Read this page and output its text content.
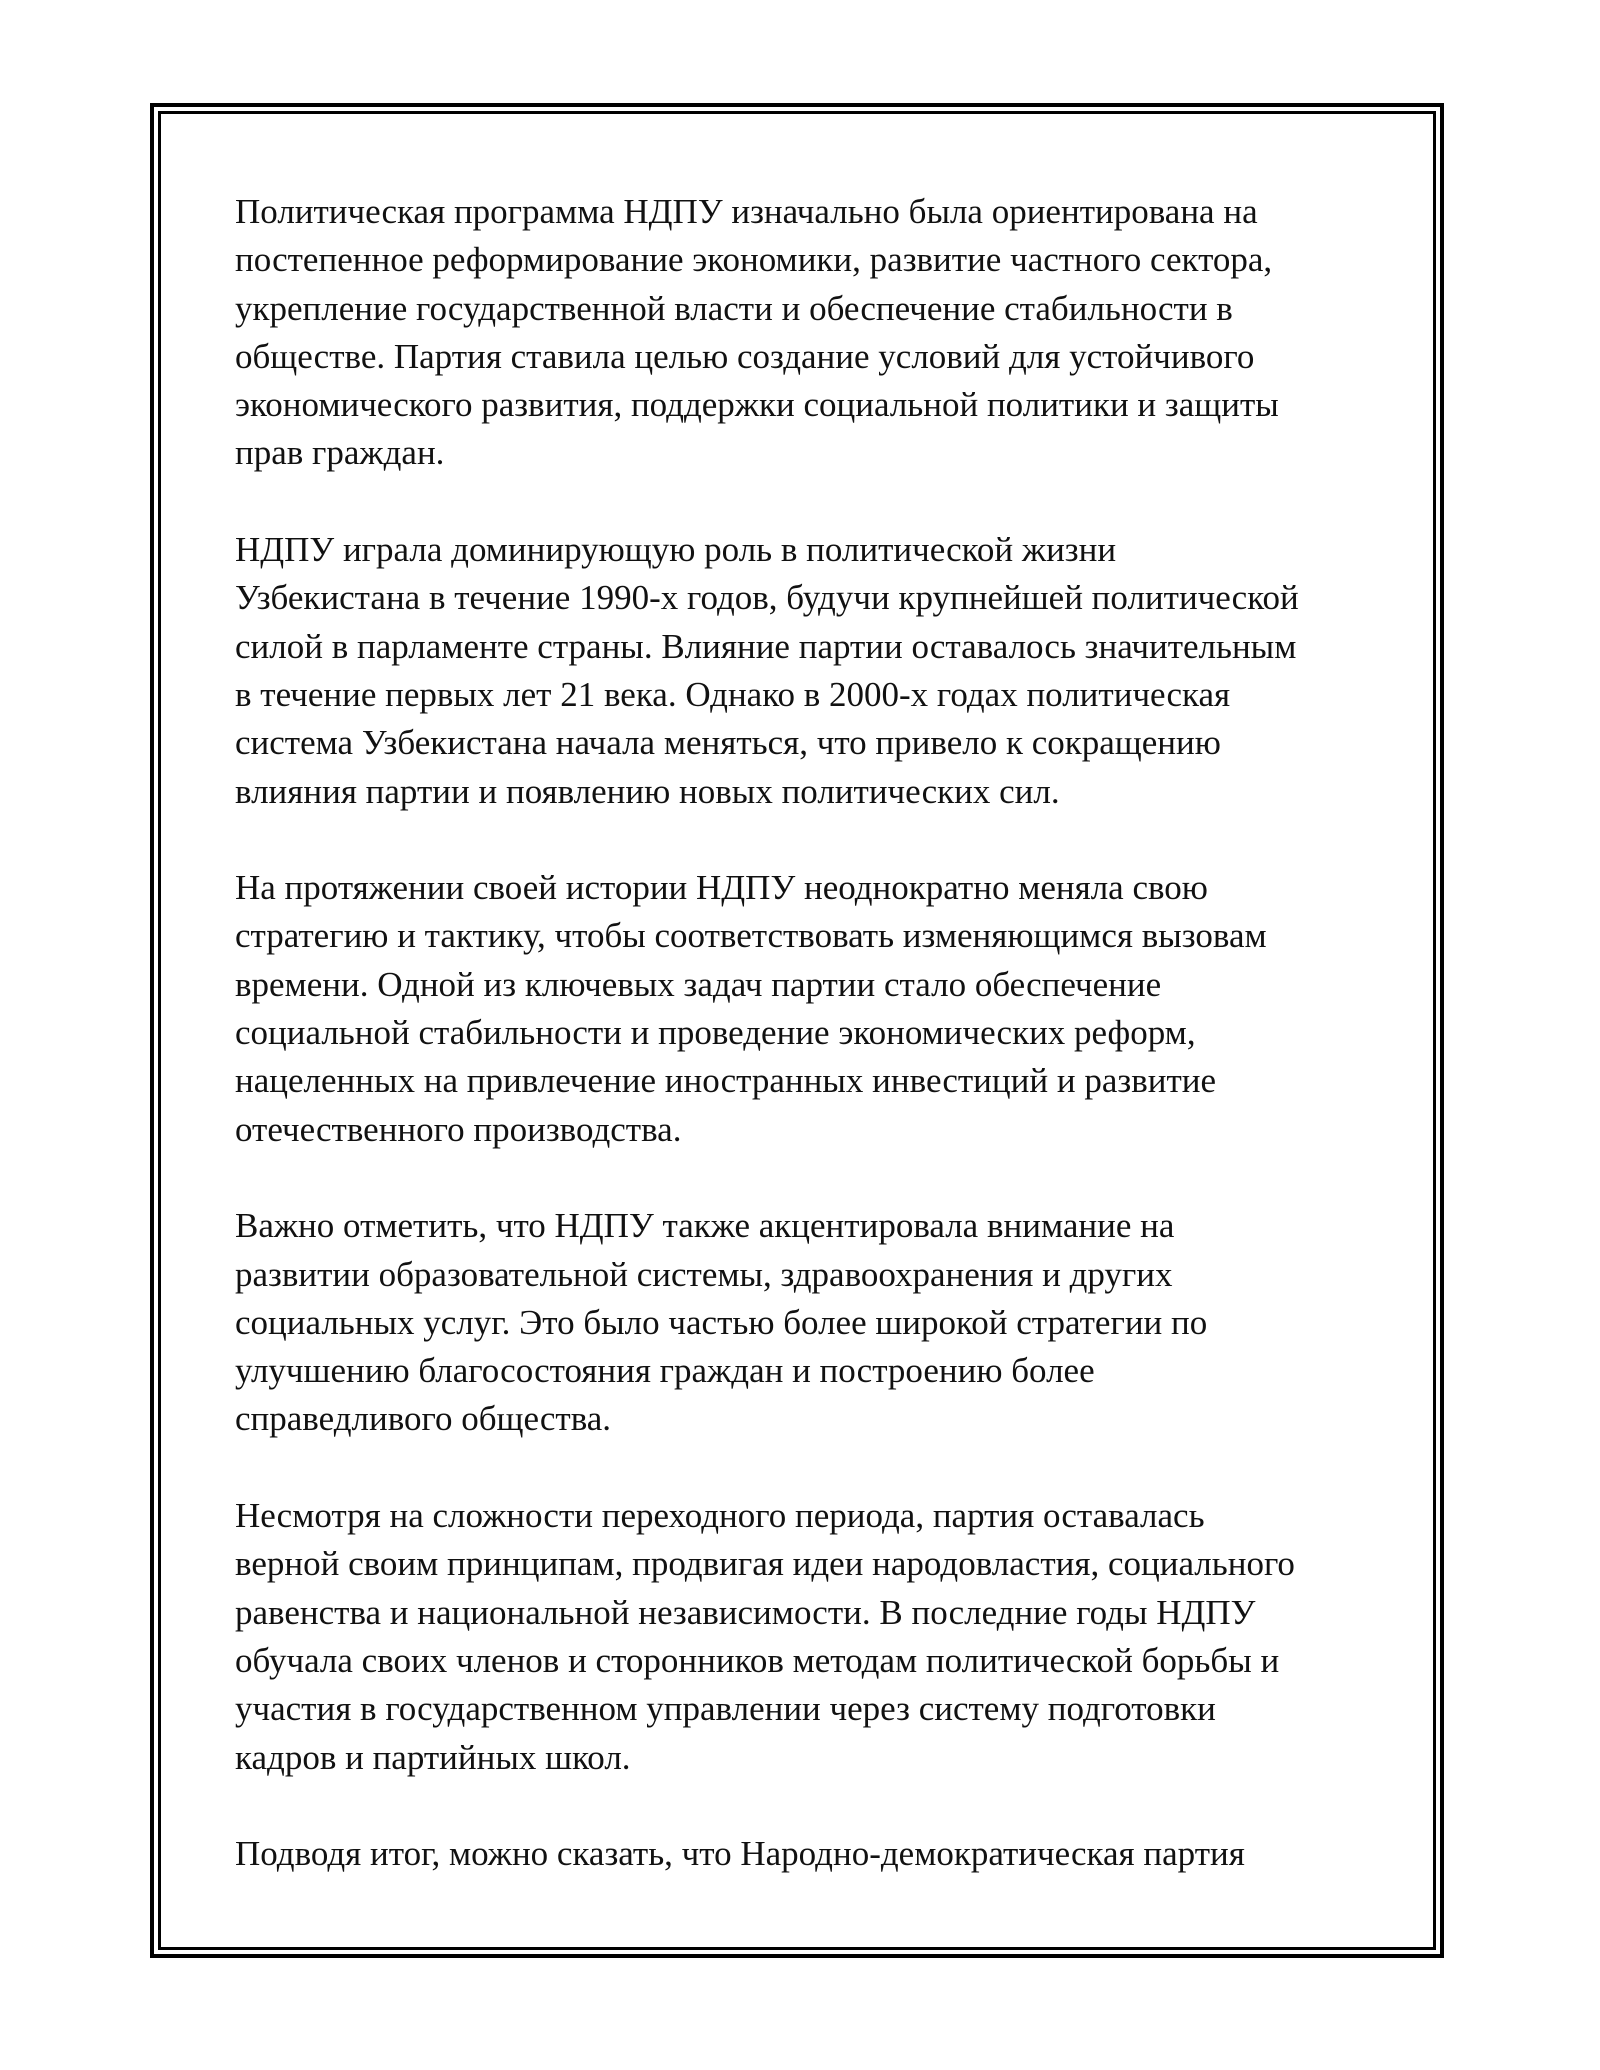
Политическая программа НДПУ изначально была ориентирована на
постепенное реформирование экономики, развитие частного сектора,
укрепление государственной власти и обеспечение стабильности в
обществе. Партия ставила целью создание условий для устойчивого
экономического развития, поддержки социальной политики и защиты
прав граждан.

НДПУ играла доминирующую роль в политической жизни
Узбекистана в течение 1990-х годов, будучи крупнейшей политической
силой в парламенте страны. Влияние партии оставалось значительным
в течение первых лет 21 века. Однако в 2000-х годах политическая
система Узбекистана начала меняться, что привело к сокращению
влияния партии и появлению новых политических сил.

На протяжении своей истории НДПУ неоднократно меняла свою
стратегию и тактику, чтобы соответствовать изменяющимся вызовам
времени. Одной из ключевых задач партии стало обеспечение
социальной стабильности и проведение экономических реформ,
нацеленных на привлечение иностранных инвестиций и развитие
отечественного производства.

Важно отметить, что НДПУ также акцентировала внимание на
развитии образовательной системы, здравоохранения и других
социальных услуг. Это было частью более широкой стратегии по
улучшению благосостояния граждан и построению более
справедливого общества.

Несмотря на сложности переходного периода, партия оставалась
верной своим принципам, продвигая идеи народовластия, социального
равенства и национальной независимости. В последние годы НДПУ
обучала своих членов и сторонников методам политической борьбы и
участия в государственном управлении через систему подготовки
кадров и партийных школ.

Подводя итог, можно сказать, что Народно-демократическая партия
